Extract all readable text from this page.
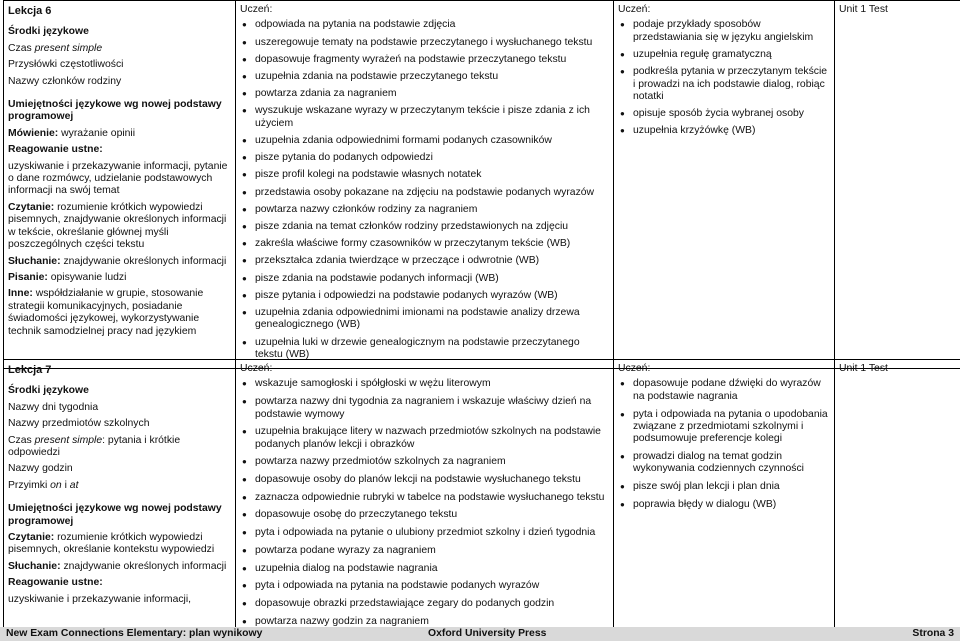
Lekcja 6
Środki językowe
Czas present simple
Przysłówki częstotliwości
Nazwy członków rodziny
Umiejętności językowe wg nowej podstawy programowej
Mówienie: wyrażanie opinii
Reagowanie ustne:
uzyskiwanie i przekazywanie informacji, pytanie o dane rozmówcy, udzielanie podstawowych informacji na swój temat
Czytanie: rozumienie krótkich wypowiedzi pisemnych, znajdywanie określonych informacji w tekście, określanie głównej myśli poszczególnych części tekstu
Słuchanie: znajdywanie określonych informacji
Pisanie: opisywanie ludzi
Inne: współdziałanie w grupie, stosowanie strategii komunikacyjnych, posiadanie świadomości językowej, wykorzystywanie technik samodzielnej pracy nad językiem

Uczeń:
● odpowiada na pytania na podstawie zdjęcia
● uszeregowuje tematy na podstawie przeczytanego i wysłuchanego tekstu
● dopasowuje fragmenty wyrażeń na podstawie przeczytanego tekstu
● uzupełnia zdania na podstawie przeczytanego tekstu
● powtarza zdania za nagraniem
● wyszukuje wskazane wyrazy w przeczytanym tekście i pisze zdania z ich użyciem
● uzupełnia zdania odpowiednimi formami podanych czasowników
● pisze pytania do podanych odpowiedzi
● pisze profil kolegi na podstawie własnych notatek
● przedstawia osoby pokazane na zdjęciu na podstawie podanych wyrazów
● powtarza nazwy członków rodziny za nagraniem
● pisze zdania na temat członków rodziny przedstawionych na zdjęciu
● zakreśla właściwe formy czasowników w przeczytanym tekście (WB)
● przekształca zdania twierdzące w przeczące i odwrotnie (WB)
● pisze zdania na podstawie podanych informacji (WB)
● pisze pytania i odpowiedzi na podstawie podanych wyrazów (WB)
● uzupełnia zdania odpowiednimi imionami na podstawie analizy drzewa genealogicznego (WB)
● uzupełnia luki w drzewie genealogicznym na podstawie przeczytanego tekstu (WB)

Uczeń:
● podaje przykłady sposobów przedstawiania się w języku angielskim
● uzupełnia regułę gramatyczną
● podkreśla pytania w przeczytanym tekście i prowadzi na ich podstawie dialog, robiąc notatki
● opisuje sposób życia wybranej osoby
● uzupełnia krzyżówkę (WB)

Unit 1 Test
Lekcja 7
Środki językowe
Nazwy dni tygodnia
Nazwy przedmiotów szkolnych
Czas present simple: pytania i krótkie odpowiedzi
Nazwy godzin
Przyimki on i at
Umiejętności językowe wg nowej podstawy programowej
Czytanie: rozumienie krótkich wypowiedzi pisemnych, określanie kontekstu wypowiedzi
Słuchanie: znajdywanie określonych informacji
Reagowanie ustne:
uzyskiwanie i przekazywanie informacji,

Uczeń:
● wskazuje samogłoski i spółgłoski w wężu literowym
● powtarza nazwy dni tygodnia za nagraniem i wskazuje właściwy dzień na podstawie wymowy
● uzupełnia brakujące litery w nazwach przedmiotów szkolnych na podstawie podanych planów lekcji i obrazków
● powtarza nazwy przedmiotów szkolnych za nagraniem
● dopasowuje osoby do planów lekcji na podstawie wysłuchanego tekstu
● zaznacza odpowiednie rubryki w tabelce na podstawie wysłuchanego tekstu
● dopasowuje osobę do przeczytanego tekstu
● pyta i odpowiada na pytanie o ulubiony przedmiot szkolny i dzień tygodnia
● powtarza podane wyrazy za nagraniem
● uzupełnia dialog na podstawie nagrania
● pyta i odpowiada na pytania na podstawie podanych wyrazów
● dopasowuje obrazki przedstawiające zegary do podanych godzin
● powtarza nazwy godzin za nagraniem

Uczeń:
● dopasowuje podane dźwięki do wyrazów na podstawie nagrania
● pyta i odpowiada na pytania o upodobania związane z przedmiotami szkolnymi i podsumowuje preferencje kolegi
● prowadzi dialog na temat godzin wykonywania codziennych czynności
● pisze swój plan lekcji i plan dnia
● poprawia błędy w dialogu (WB)

Unit 1 Test
New Exam Connections Elementary: plan wynikowy	Oxford University Press	Strona 3
